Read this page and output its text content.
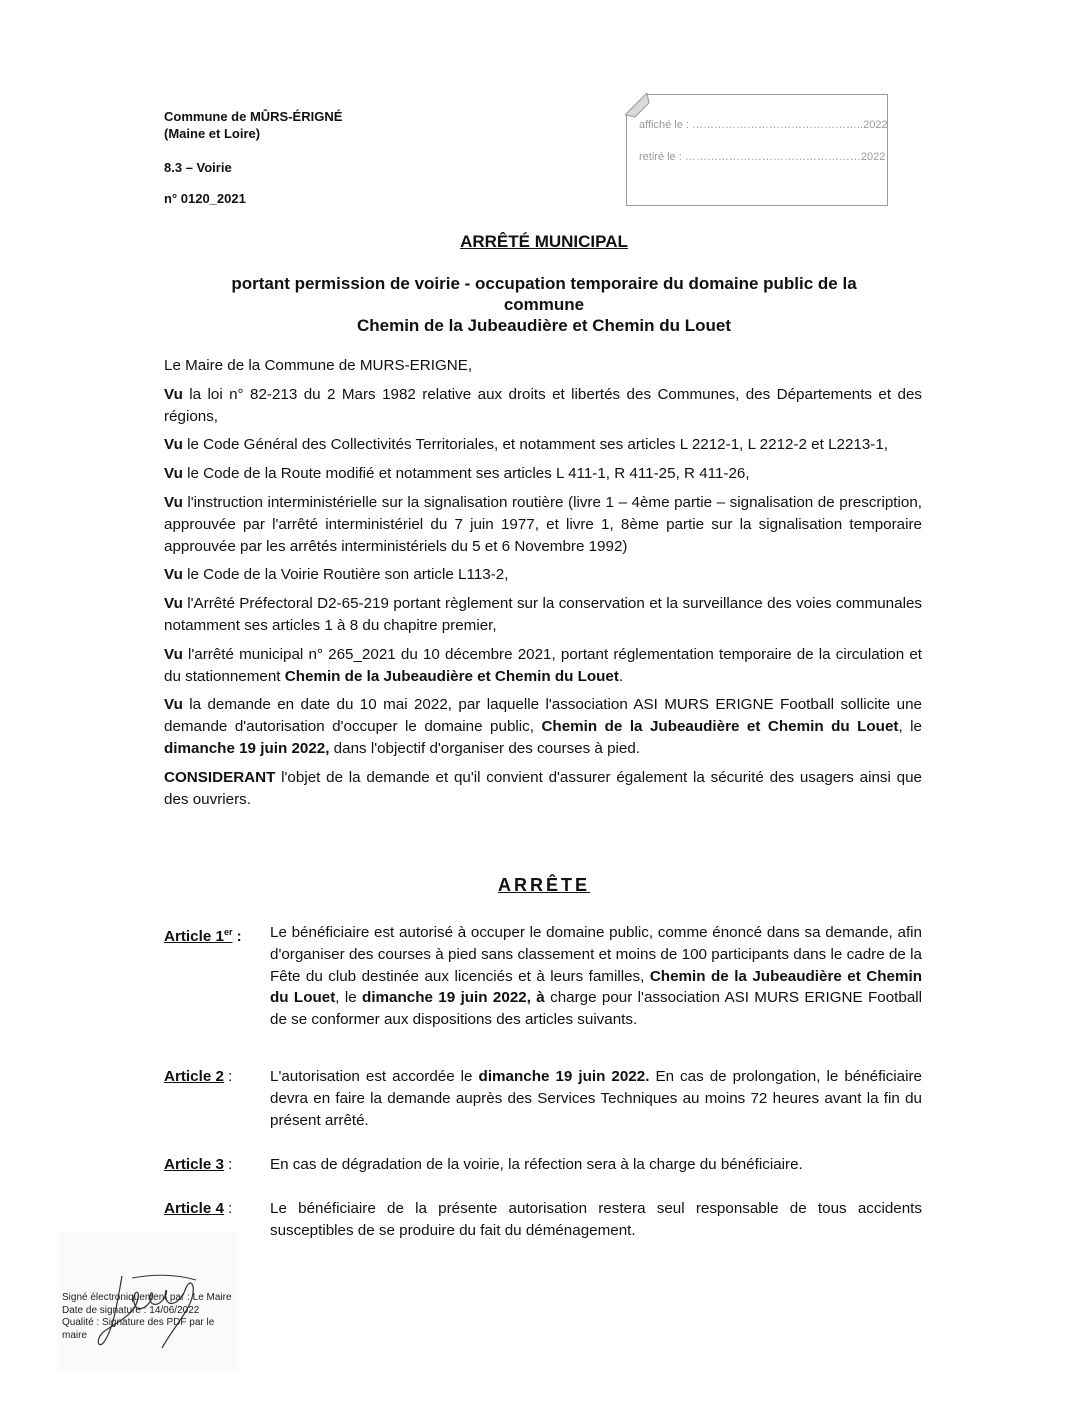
Commune de MÛRS-ÉRIGNÉ
(Maine et Loire)
8.3 – Voirie
n° 0120_2021
affiché le : ………………………………………..2022
retiré le : …………………………………………2022
ARRÊTÉ MUNICIPAL
portant permission de voirie - occupation temporaire du domaine public de la commune
Chemin de la Jubeaudière et Chemin du Louet

Le Maire de la Commune de MURS-ERIGNE,

Vu la loi n° 82-213 du 2 Mars 1982 relative aux droits et libertés des Communes, des Départements et des régions,

Vu le Code Général des Collectivités Territoriales, et notamment ses articles L 2212-1, L 2212-2 et L2213-1,

Vu le Code de la Route modifié et notamment ses articles L 411-1, R 411-25, R 411-26,

Vu l'instruction interministérielle sur la signalisation routière (livre 1 – 4ème partie – signalisation de prescription, approuvée par l'arrêté interministériel du 7 juin 1977, et livre 1, 8ème partie sur la signalisation temporaire approuvée par les arrêtés interministériels du 5 et 6 Novembre 1992)

Vu le Code de la Voirie Routière son article L113-2,

Vu l'Arrêté Préfectoral D2-65-219 portant règlement sur la conservation et la surveillance des voies communales notamment ses articles 1 à 8 du chapitre premier,

Vu l'arrêté municipal n° 265_2021 du 10 décembre 2021, portant réglementation temporaire de la circulation et du stationnement Chemin de la Jubeaudière et Chemin du Louet.

Vu la demande en date du 10 mai 2022, par laquelle l'association ASI MURS ERIGNE Football sollicite une demande d'autorisation d'occuper le domaine public, Chemin de la Jubeaudière et Chemin du Louet, le dimanche 19 juin 2022, dans l'objectif d'organiser des courses à pied.

CONSIDERANT l'objet de la demande et qu'il convient d'assurer également la sécurité des usagers ainsi que des ouvriers.

ARRÊTE
Article 1er : Le bénéficiaire est autorisé à occuper le domaine public, comme énoncé dans sa demande, afin d'organiser des courses à pied sans classement et moins de 100 participants dans le cadre de la Fête du club destinée aux licenciés et à leurs familles, Chemin de la Jubeaudière et Chemin du Louet, le dimanche 19 juin 2022, à charge pour l'association ASI MURS ERIGNE Football de se conformer aux dispositions des articles suivants.
Article 2 : L'autorisation est accordée le dimanche 19 juin 2022. En cas de prolongation, le bénéficiaire devra en faire la demande auprès des Services Techniques au moins 72 heures avant la fin du présent arrêté.
Article 3 : En cas de dégradation de la voirie, la réfection sera à la charge du bénéficiaire.
Article 4 : Le bénéficiaire de la présente autorisation restera seul responsable de tous accidents susceptibles de se produire du fait du déménagement.
Signé électroniquement par : Le Maire
Date de signature : 14/06/2022
Qualité : Signature des PDF par le maire
